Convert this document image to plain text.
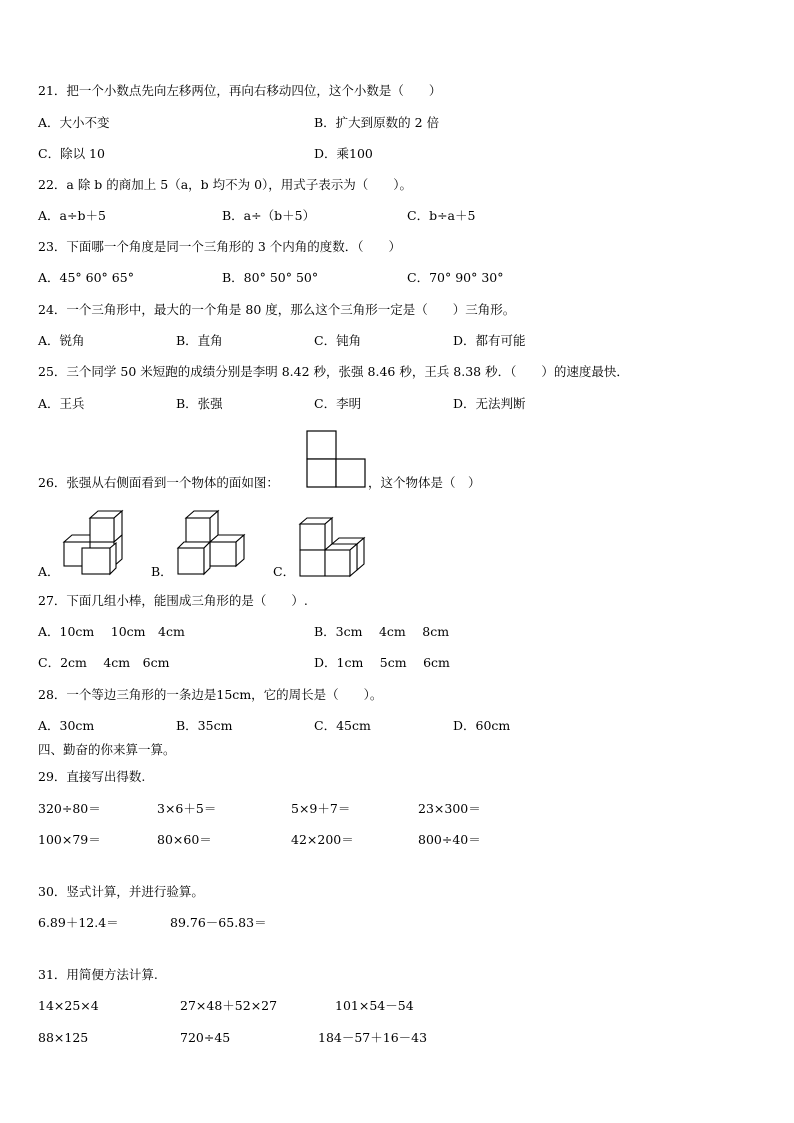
21．把一个小数点先向左移两位，再向右移动四位，这个小数是（　　）
A．大小不变	B．扩大到原数的 2 倍
C．除以 10	D．乘100
22．a 除 b 的商加上 5（a，b 均不为 0），用式子表示为（　　）。
A．a÷b＋5	B．a÷（b＋5）	C．b÷a＋5
23．下面哪一个角度是同一个三角形的 3 个内角的度数．（　　）
A．45° 60° 65°	B．80° 50° 50°	C．70° 90° 30°
24．一个三角形中，最大的一个角是 80 度，那么这个三角形一定是（　　）三角形。
A．锐角	B．直角	C．钝角	D．都有可能
25．三个同学 50 米短跑的成绩分别是李明 8.42 秒，张强 8.46 秒，王兵 8.38 秒．（　　）的速度最快．
A．王兵	B．张强	C．李明	D．无法判断
26．张强从右侧面看到一个物体的面如图：	，这个物体是（　）
A．	B．	C．
27．下面几组小棒，能围成三角形的是（　　）.
A．10cm　 10cm　4cm	B．3cm　 4cm　 8cm
C．2cm　 4cm　6cm	D．1cm　 5cm　 6cm
28．一个等边三角形的一条边是15cm，它的周长是（　　）。
A．30cm	B．35cm	C．45cm	D．60cm
四、勤奋的你来算一算。
29．直接写出得数.
320÷80＝	3×6＋5＝	5×9＋7＝	23×300＝
100×79＝	80×60＝	42×200＝	800÷40＝
30．竖式计算，并进行验算。
6.89＋12.4＝	89.76－65.83＝
31．用简便方法计算.
14×25×4	27×48＋52×27	101×54－54
88×125	720÷45	184－57＋16－43
